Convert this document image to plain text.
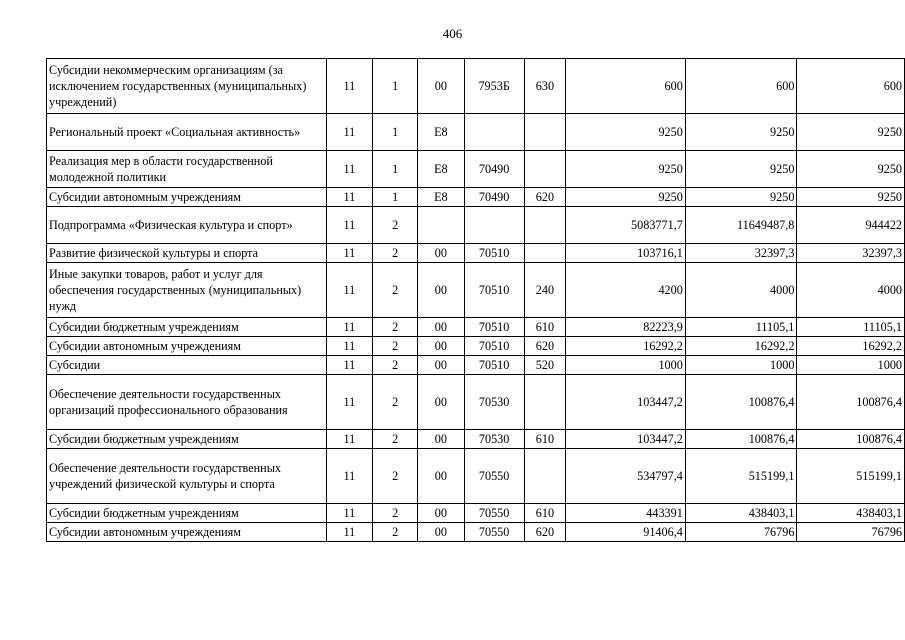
406
Субсидии некоммерческим организациям (за исключением государственных (муниципальных) учреждений)	11	1	00	7953Б	630	600	600	600
Региональный проект «Социальная активность»	11	1	Е8			9250	9250	9250
Реализация мер в области государственной молодежной политики	11	1	Е8	70490		9250	9250	9250
Субсидии автономным учреждениям	11	1	Е8	70490	620	9250	9250	9250
Подпрограмма «Физическая культура и спорт»	11	2				5083771,7	11649487,8	944422
Развитие физической культуры и спорта	11	2	00	70510		103716,1	32397,3	32397,3
Иные закупки товаров, работ и услуг для обеспечения государственных (муниципальных) нужд	11	2	00	70510	240	4200	4000	4000
Субсидии бюджетным учреждениям	11	2	00	70510	610	82223,9	11105,1	11105,1
Субсидии автономным учреждениям	11	2	00	70510	620	16292,2	16292,2	16292,2
Субсидии	11	2	00	70510	520	1000	1000	1000
Обеспечение деятельности государственных организаций профессионального образования	11	2	00	70530		103447,2	100876,4	100876,4
Субсидии бюджетным учреждениям	11	2	00	70530	610	103447,2	100876,4	100876,4
Обеспечение деятельности государственных учреждений физической культуры и спорта	11	2	00	70550		534797,4	515199,1	515199,1
Субсидии бюджетным учреждениям	11	2	00	70550	610	443391	438403,1	438403,1
Субсидии автономным учреждениям	11	2	00	70550	620	91406,4	76796	76796
